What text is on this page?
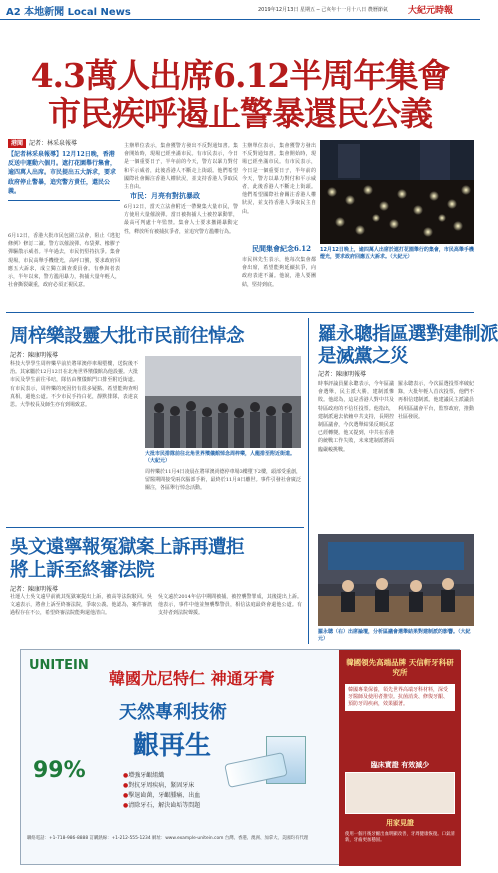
A2 本地新聞 Local News	2019年12月13日 星期五 ─ 己亥年十一月十八日 農曆節氣 大紀元時報
4.3萬人出席6.12半周年集會
市民疾呼遏止警暴還民公義
港聞 記者：林采泉報導
【記者林采泉報導】12月12日晚，香港反送中運動六個月。遮打花園舉行集會，逾四萬人出席。市民提出五大訴求，要求政府停止警暴，追究警方責任，還民公義。
6月12日，香港大批市民包圍立法會，阻止《逃犯條例》修訂二讀。警方以催淚彈、布袋彈、橡膠子彈驅散示威者。半年過去，市民仍堅持抗爭。集會現場，市民高舉手機燈光，高呼口號，要求政府回應五大訴求，成立獨立調查委員會。有參與者表示，半年以來，警方濫用暴力，拘捕大量年輕人，社會撕裂嚴重，政府必須正視民意。
市民：月亮有對抗暴政
主辦單位表示，集會獲警方發出不反對通知書。集會開始時，現場已經坐滿市民。有市民表示，今日是一個重要日子，半年前的今天，警方以暴力對付和平示威者，此後香港人不斷走上街頭。他們希望國際社會關注香港人權狀況，並支持香港人爭取民主自由。
6月12日，當天立法會附近一帶聚集大量市民，警方使用大量催淚彈。當日被拘捕人士被控暴動罪，最高可判處十年監禁。集會人士要求撤銷暴動定性，釋放所有被捕抗爭者，並追究警方濫權行為。
主辦單位表示，集會獲警方發出不反對通知書。集會開始時，現場已經坐滿市民。有市民表示，今日是一個重要日子，半年前的今天，警方以暴力對付和平示威者，此後香港人不斷走上街頭。他們希望國際社會關注香港人權狀況，並支持香港人爭取民主自由。
民間集會紀念6.12
市民林先生表示，他每次集會都會出席，希望能夠延續抗爭，向政府表達不滿。他說，港人要團結，堅持到底。
12月12日晚上，逾四萬人出席於遮打花園舉行的集會，市民高舉手機燈光，要求政府回應五大訴求。（大紀元）
周梓樂設靈大批市民前往悼念
記者：陳康明報導
科技大學學生周梓樂早前於將軍澳停車場墮樓，送院後不治。其家屬於12月12日在北角世界殯儀館為他設靈。大批市民及學生前往弔唁，隊伍由殯儀館門口排至附近街道。有市民表示，周梓樂的死因仍有很多疑點，希望能夠查明真相，還他公道。不少市民手持白花，靜默排隊，表達哀思。大學校長及師生亦有到場致意。
大批市民排隊前往北角世界殯儀館悼念周梓樂，人龍排至附近街道。（大紀元）
周梓樂於11月4日凌晨在將軍澳尚德停車場3樓墮下2樓，頭部受重創，留醫期間接受兩次腦部手術，最終於11月8日離世。事件引發社會廣泛關注，各區舉行悼念活動。
羅永聰指區選對建制派
是滅黨之災
記者：陳康明報導
時事評論員羅永聰表示，今年區議會選舉，民主派大勝，建制派慘敗。他認為，這是香港人對中共及特區政府的不信任投票。他指出，建制派過去依賴中共支持，長期控制區議會，今次選舉結果反映民意已經轉變。他又提到，中共在香港的統戰工作失敗，未來建制派將面臨嚴峻挑戰。
羅永聰表示，今次區選投票率破紀錄，大批年輕人首次投票，他們不再相信建制派。他建議民主派議員利用區議會平台，監察政府，推動社區發展。
羅永聰（右）出席論壇，分析區議會選舉結果對建制派的影響。（大紀元）
吳文遠寧報冤獄案上訴再遭拒
將上訴至終審法院
記者：陳康明報導
社運人士吳文遠早前就其冤獄案提出上訴，被高等法院駁回。吳文遠表示，將會上訴至終審法院，爭取公義。他認為，案件審訊過程存在不公，希望終審法院能夠還他清白。
吳文遠於2014年佔中期間被捕，被控襲警罪成，其後提出上訴。他表示，事件中他並無襲擊警員，相信法庭最終會還他公道。有支持者到法院聲援。
UNITEIN
韓國尤尼特仁 神通牙膏
天然專利技術
齦再生
● 增強牙齦組織
● 對抗牙周疾病，緊固牙床
● 擊退齒菌，牙齦腫痛、出血
● 清除牙石，解決齒垢等問題
99%
聯絡電話：+1-718-986-8888 訂購熱線：+1-212-555-1234 網址：www.example-unitein.com 台灣、香港、澳洲、加拿大、美國均有代理
韓國領先高端品牌 天信軒牙科研究所
韓國專業保養，領先世界高端牙科材料，深受牙醫師及使用者推崇。抗菌消炎、修復牙齦、預防牙周疾病，效果顯著。
臨床實證 有效減少
用家見證
使用一個月後牙齦出血明顯改善，牙周健康恢復。口氣清新，牙齒更加穩固。
